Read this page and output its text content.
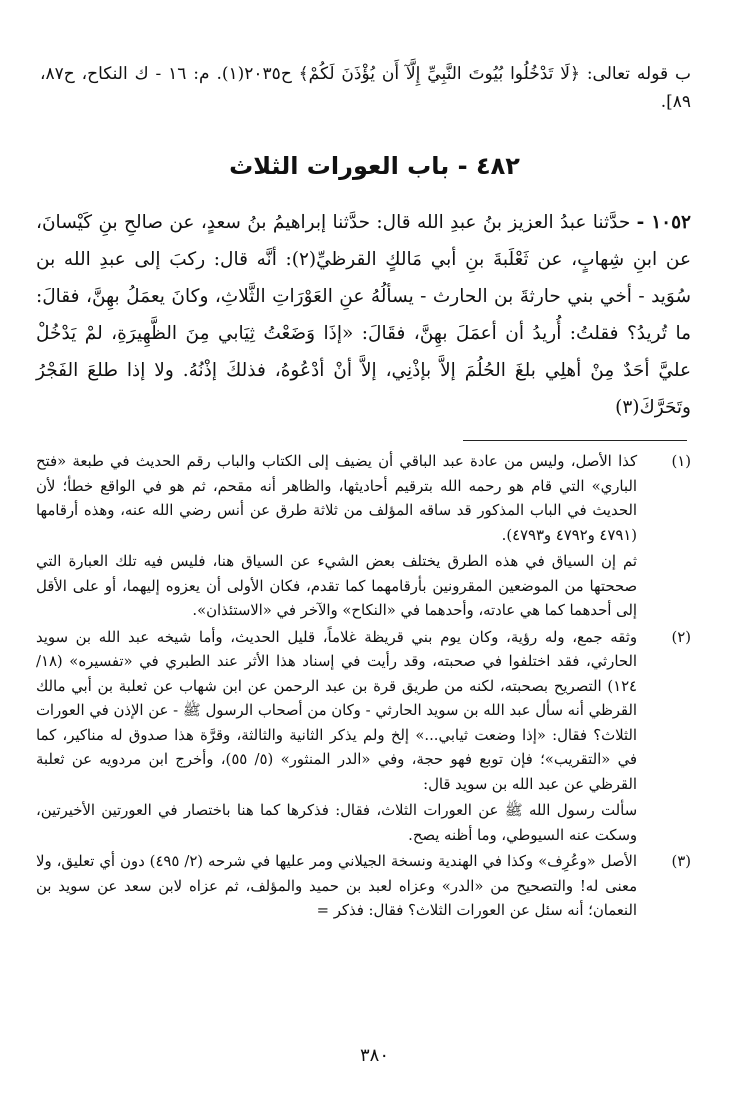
ب قوله تعالى: ﴿لَا تَدْخُلُوا بُيُوتَ النَّبِيِّ إِلَّآ أَن يُؤْذَنَ لَكُمْ﴾ ح٢٠٣٥(١). م: ١٦ - ك النكاح، ح٨٧، ٨٩].
٤٨٢ - باب العورات الثلاث
١٠٥٢ - حدَّثنا عبدُ العزيز بنُ عبدِ الله قال: حدَّثنا إبراهيمُ بنُ سعدٍ، عن صالحِ بنِ كَيْسانَ، عن ابنِ شِهابٍ، عن ثَعْلَبةَ بنِ أبي مَالكٍ القرظيِّ(٢): أنَّه قال: ركبَ إلى عبدِ الله بن سُوَيد - أخي بني حارثةَ بن الحارث - يسألُهُ عنِ العَوْرَاتِ الثَّلاثِ، وكانَ يعمَلُ بهِنَّ، فقالَ: ما تُريدُ؟ فقلتُ: أُريدُ أن أعمَلَ بهِنَّ، فقَالَ: «إذَا وَضَعْتُ ثِيَابي مِنَ الظَّهِيرَةِ، لمْ يَدْخُلْ عليَّ أحَدٌ مِنْ أهلِي بلغَ الحُلُمَ إلاَّ بإذْنِي، إلاَّ أنْ أدْعُوهُ، فذلكَ إذْنُهُ. ولا إذا طلعَ الفَجْرُ وتَحَرَّكَ(٣)
(١)

كذا الأصل، وليس من عادة عبد الباقي أن يضيف إلى الكتاب والباب رقم الحديث في طبعة «فتح الباري» التي قام هو رحمه الله بترقيم أحاديثها، والظاهر أنه مقحم، ثم هو في الواقع خطأ؛ لأن الحديث في الباب المذكور قد ساقه المؤلف من ثلاثة طرق عن أنس رضي الله عنه، وهذه أرقامها (٤٧٩١ و٤٧٩٢ و٤٧٩٣).

ثم إن السياق في هذه الطرق يختلف بعض الشيء عن السياق هنا، فليس فيه تلك العبارة التي صححتها من الموضعين المقرونين بأرقامهما كما تقدم، فكان الأولى أن يعزوه إليهما، أو على الأقل إلى أحدهما كما هي عادته، وأحدهما في «النكاح» والآخر في «الاستئذان».

(٢)

وثقه جمع، وله رؤية، وكان يوم بني قريظة غلاماً، قليل الحديث، وأما شيخه عبد الله بن سويد الحارثي، فقد اختلفوا في صحبته، وقد رأيت في إسناد هذا الأثر عند الطبري في «تفسيره» (١٨/ ١٢٤) التصريح بصحبته، لكنه من طريق قرة بن عبد الرحمن عن ابن شهاب عن ثعلبة بن أبي مالك القرظي أنه سأل عبد الله بن سويد الحارثي - وكان من أصحاب الرسول ﷺ - عن الإذن في العورات الثلاث؟ فقال: «إذا وضعت ثيابي...» إلخ ولم يذكر الثانية والثالثة، وقرَّة هذا صدوق له مناكير، كما في «التقريب»؛ فإن توبع فهو حجة، وفي «الدر المنثور» (٥/ ٥٥)، وأخرج ابن مردويه عن ثعلبة القرظي عن عبد الله بن سويد قال:

سألت رسول الله ﷺ عن العورات الثلاث، فقال: فذكرها كما هنا باختصار في العورتين الأخيرتين، وسكت عنه السيوطي، وما أظنه يصح.

(٣)

الأصل «وعُرِف» وكذا في الهندية ونسخة الجيلاني ومر عليها في شرحه (٢/ ٤٩٥) دون أي تعليق، ولا معنى له! والتصحيح من «الدر» وعزاه لعبد بن حميد والمؤلف، ثم عزاه لابن سعد عن سويد بن النعمان؛ أنه سئل عن العورات الثلاث؟ فقال: فذكر =

٣٨٠
